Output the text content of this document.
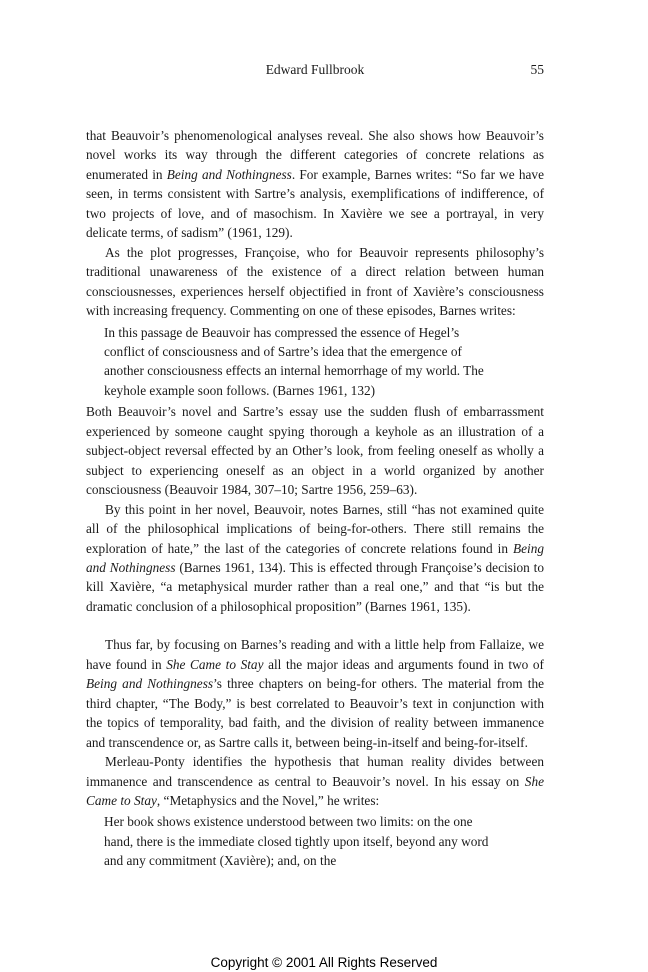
Edward Fullbrook	55

that Beauvoir’s phenomenological analyses reveal. She also shows how Beauvoir’s novel works its way through the different categories of concrete relations as enumerated in Being and Nothingness. For example, Barnes writes: “So far we have seen, in terms consistent with Sartre’s analysis, exemplifications of indifference, of two projects of love, and of masochism. In Xavière we see a portrayal, in very delicate terms, of sadism” (1961, 129).

As the plot progresses, Françoise, who for Beauvoir represents philosophy’s traditional unawareness of the existence of a direct relation between human consciousnesses, experiences herself objectified in front of Xavière’s consciousness with increasing frequency. Commenting on one of these episodes, Barnes writes:

In this passage de Beauvoir has compressed the essence of Hegel’s conflict of consciousness and of Sartre’s idea that the emergence of another consciousness effects an internal hemorrhage of my world. The keyhole example soon follows. (Barnes 1961, 132)

Both Beauvoir’s novel and Sartre’s essay use the sudden flush of embarrassment experienced by someone caught spying thorough a keyhole as an illustration of a subject-object reversal effected by an Other’s look, from feeling oneself as wholly a subject to experiencing oneself as an object in a world organized by another consciousness (Beauvoir 1984, 307–10; Sartre 1956, 259–63).

By this point in her novel, Beauvoir, notes Barnes, still “has not examined quite all of the philosophical implications of being-for-others. There still remains the exploration of hate,” the last of the categories of concrete relations found in Being and Nothingness (Barnes 1961, 134). This is effected through Françoise’s decision to kill Xavière, “a metaphysical murder rather than a real one,” and that “is but the dramatic conclusion of a philosophical proposition” (Barnes 1961, 135).

Thus far, by focusing on Barnes’s reading and with a little help from Fallaize, we have found in She Came to Stay all the major ideas and arguments found in two of Being and Nothingness’s three chapters on being-for others. The material from the third chapter, “The Body,” is best correlated to Beauvoir’s text in conjunction with the topics of temporality, bad faith, and the division of reality between immanence and transcendence or, as Sartre calls it, between being-in-itself and being-for-itself.

Merleau-Ponty identifies the hypothesis that human reality divides between immanence and transcendence as central to Beauvoir’s novel. In his essay on She Came to Stay, “Metaphysics and the Novel,” he writes:

Her book shows existence understood between two limits: on the one hand, there is the immediate closed tightly upon itself, beyond any word and any commitment (Xavière); and, on the
Copyright © 2001 All Rights Reserved
